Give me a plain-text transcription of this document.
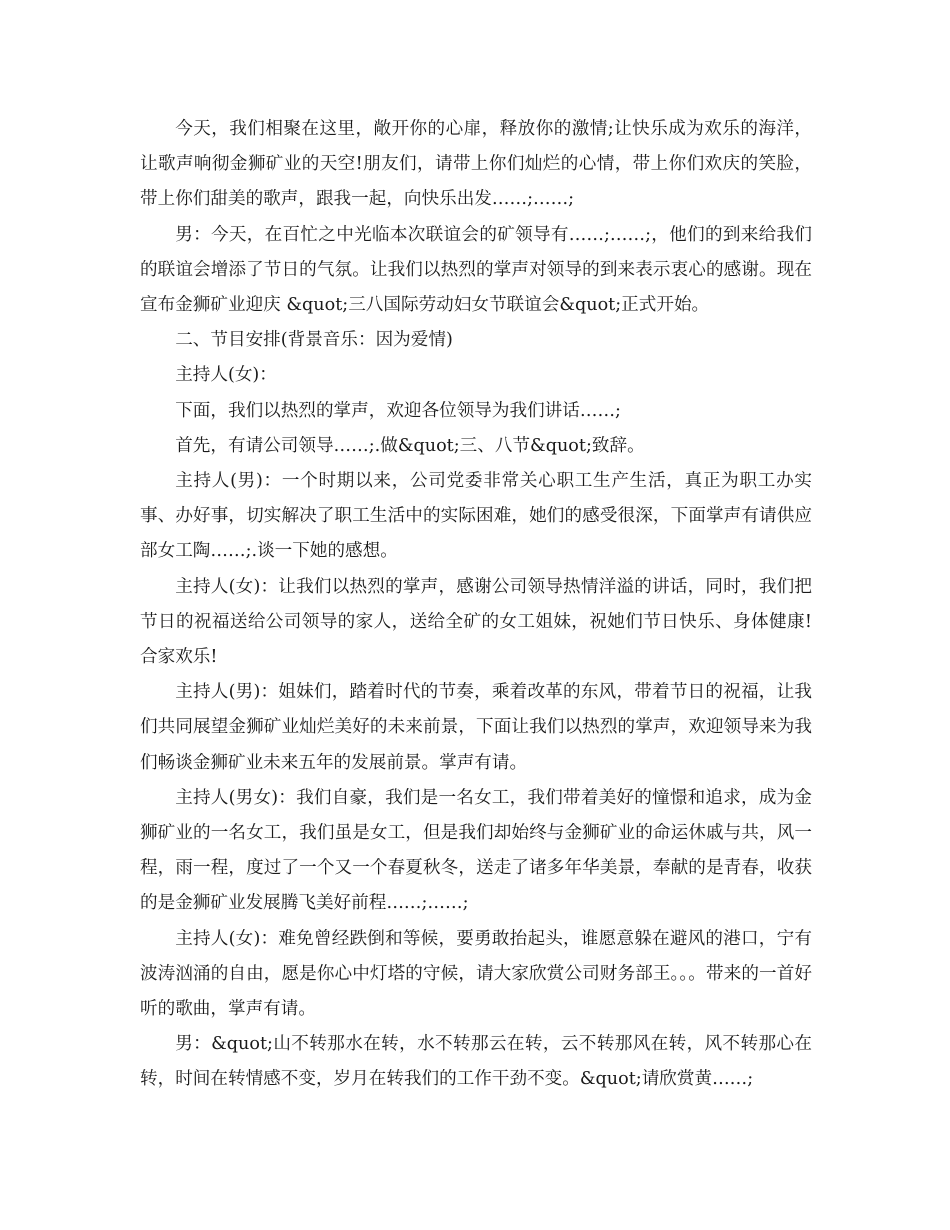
今天，我们相聚在这里，敞开你的心扉，释放你的激情;让快乐成为欢乐的海洋，让歌声响彻金狮矿业的天空!朋友们，请带上你们灿烂的心情，带上你们欢庆的笑脸，带上你们甜美的歌声，跟我一起，向快乐出发……;……;

男：今天，在百忙之中光临本次联谊会的矿领导有……;……;，他们的到来给我们的联谊会增添了节日的气氛。让我们以热烈的掌声对领导的到来表示衷心的感谢。现在宣布金狮矿业迎庆 &quot;三八国际劳动妇女节联谊会&quot;正式开始。

二、节目安排(背景音乐：因为爱情)

主持人(女)：

下面，我们以热烈的掌声，欢迎各位领导为我们讲话……;

首先，有请公司领导……;.做&quot;三、八节&quot;致辞。

主持人(男)：一个时期以来，公司党委非常关心职工生产生活，真正为职工办实事、办好事，切实解决了职工生活中的实际困难，她们的感受很深，下面掌声有请供应部女工陶……;.谈一下她的感想。

主持人(女)：让我们以热烈的掌声，感谢公司领导热情洋溢的讲话，同时，我们把节日的祝福送给公司领导的家人，送给全矿的女工姐妹，祝她们节日快乐、身体健康!合家欢乐!

主持人(男)：姐妹们，踏着时代的节奏，乘着改革的东风，带着节日的祝福，让我们共同展望金狮矿业灿烂美好的未来前景，下面让我们以热烈的掌声，欢迎领导来为我们畅谈金狮矿业未来五年的发展前景。掌声有请。

主持人(男女)：我们自豪，我们是一名女工，我们带着美好的憧憬和追求，成为金狮矿业的一名女工，我们虽是女工，但是我们却始终与金狮矿业的命运休戚与共，风一程，雨一程，度过了一个又一个春夏秋冬，送走了诸多年华美景，奉献的是青春，收获的是金狮矿业发展腾飞美好前程……;……;

主持人(女)：难免曾经跌倒和等候，要勇敢抬起头，谁愿意躲在避风的港口，宁有波涛汹涌的自由，愿是你心中灯塔的守候，请大家欣赏公司财务部王。。。带来的一首好听的歌曲，掌声有请。

男：&quot;山不转那水在转，水不转那云在转，云不转那风在转，风不转那心在转，时间在转情感不变，岁月在转我们的工作干劲不变。&quot;请欣赏黄……;
